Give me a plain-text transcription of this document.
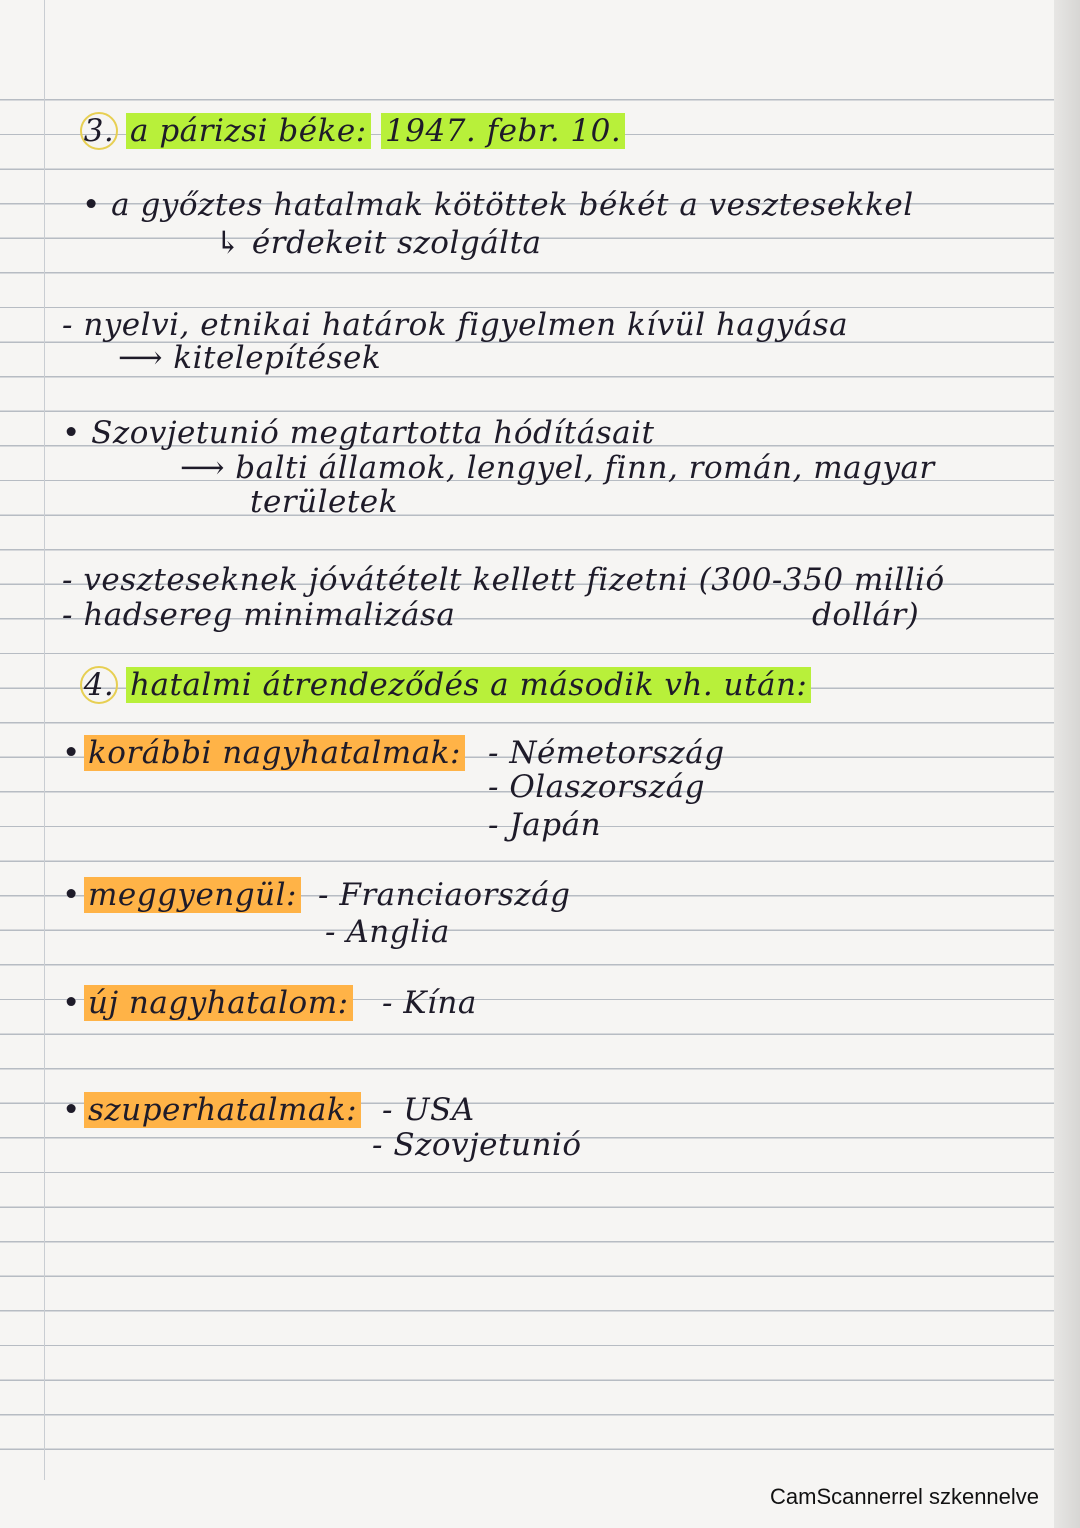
3. a párizsi béke: 1947. febr. 10.
• a győztes hatalmak kötöttek békét a vesztesekkel
↳ érdekeit szolgálta
- nyelvi, etnikai határok figyelmen kívül hagyása
⟶ kitelepítések
• Szovjetunió megtartotta hódításait
⟶ balti államok, lengyel, finn, román, magyar
területek
- veszteseknek jóvátételt kellett fizetni (300-350 millió
- hadsereg minimalizása	dollár)
4. hatalmi átrendeződés a második vh. után:
• korábbi nagyhatalmak: - Németország
- Olaszország
- Japán
• meggyengül: - Franciaország
- Anglia
• új nagyhatalom: - Kína
• szuperhatalmak: - USA
- Szovjetunió
CamScannerrel szkennelve
